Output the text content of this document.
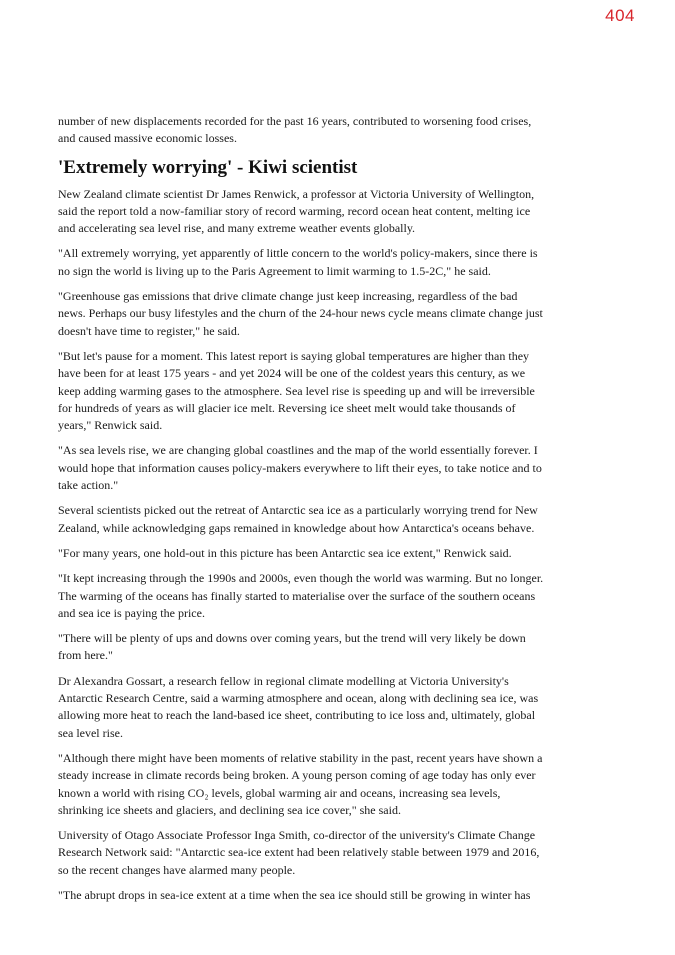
404

number of new displacements recorded for the past 16 years, contributed to worsening food crises, and caused massive economic losses.

'Extremely worrying' - Kiwi scientist

New Zealand climate scientist Dr James Renwick, a professor at Victoria University of Wellington, said the report told a now-familiar story of record warming, record ocean heat content, melting ice and accelerating sea level rise, and many extreme weather events globally.

"All extremely worrying, yet apparently of little concern to the world's policy-makers, since there is no sign the world is living up to the Paris Agreement to limit warming to 1.5-2C," he said.

"Greenhouse gas emissions that drive climate change just keep increasing, regardless of the bad news. Perhaps our busy lifestyles and the churn of the 24-hour news cycle means climate change just doesn't have time to register," he said.

"But let's pause for a moment. This latest report is saying global temperatures are higher than they have been for at least 175 years - and yet 2024 will be one of the coldest years this century, as we keep adding warming gases to the atmosphere. Sea level rise is speeding up and will be irreversible for hundreds of years as will glacier ice melt. Reversing ice sheet melt would take thousands of years," Renwick said.

"As sea levels rise, we are changing global coastlines and the map of the world essentially forever. I would hope that information causes policy-makers everywhere to lift their eyes, to take notice and to take action."

Several scientists picked out the retreat of Antarctic sea ice as a particularly worrying trend for New Zealand, while acknowledging gaps remained in knowledge about how Antarctica's oceans behave.

"For many years, one hold-out in this picture has been Antarctic sea ice extent," Renwick said.

"It kept increasing through the 1990s and 2000s, even though the world was warming. But no longer. The warming of the oceans has finally started to materialise over the surface of the southern oceans and sea ice is paying the price.

"There will be plenty of ups and downs over coming years, but the trend will very likely be down from here."

Dr Alexandra Gossart, a research fellow in regional climate modelling at Victoria University's Antarctic Research Centre, said a warming atmosphere and ocean, along with declining sea ice, was allowing more heat to reach the land-based ice sheet, contributing to ice loss and, ultimately, global sea level rise.

"Although there might have been moments of relative stability in the past, recent years have shown a steady increase in climate records being broken. A young person coming of age today has only ever known a world with rising CO₂ levels, global warming air and oceans, increasing sea levels, shrinking ice sheets and glaciers, and declining sea ice cover," she said.

University of Otago Associate Professor Inga Smith, co-director of the university's Climate Change Research Network said: "Antarctic sea-ice extent had been relatively stable between 1979 and 2016, so the recent changes have alarmed many people.

"The abrupt drops in sea-ice extent at a time when the sea ice should still be growing in winter has
